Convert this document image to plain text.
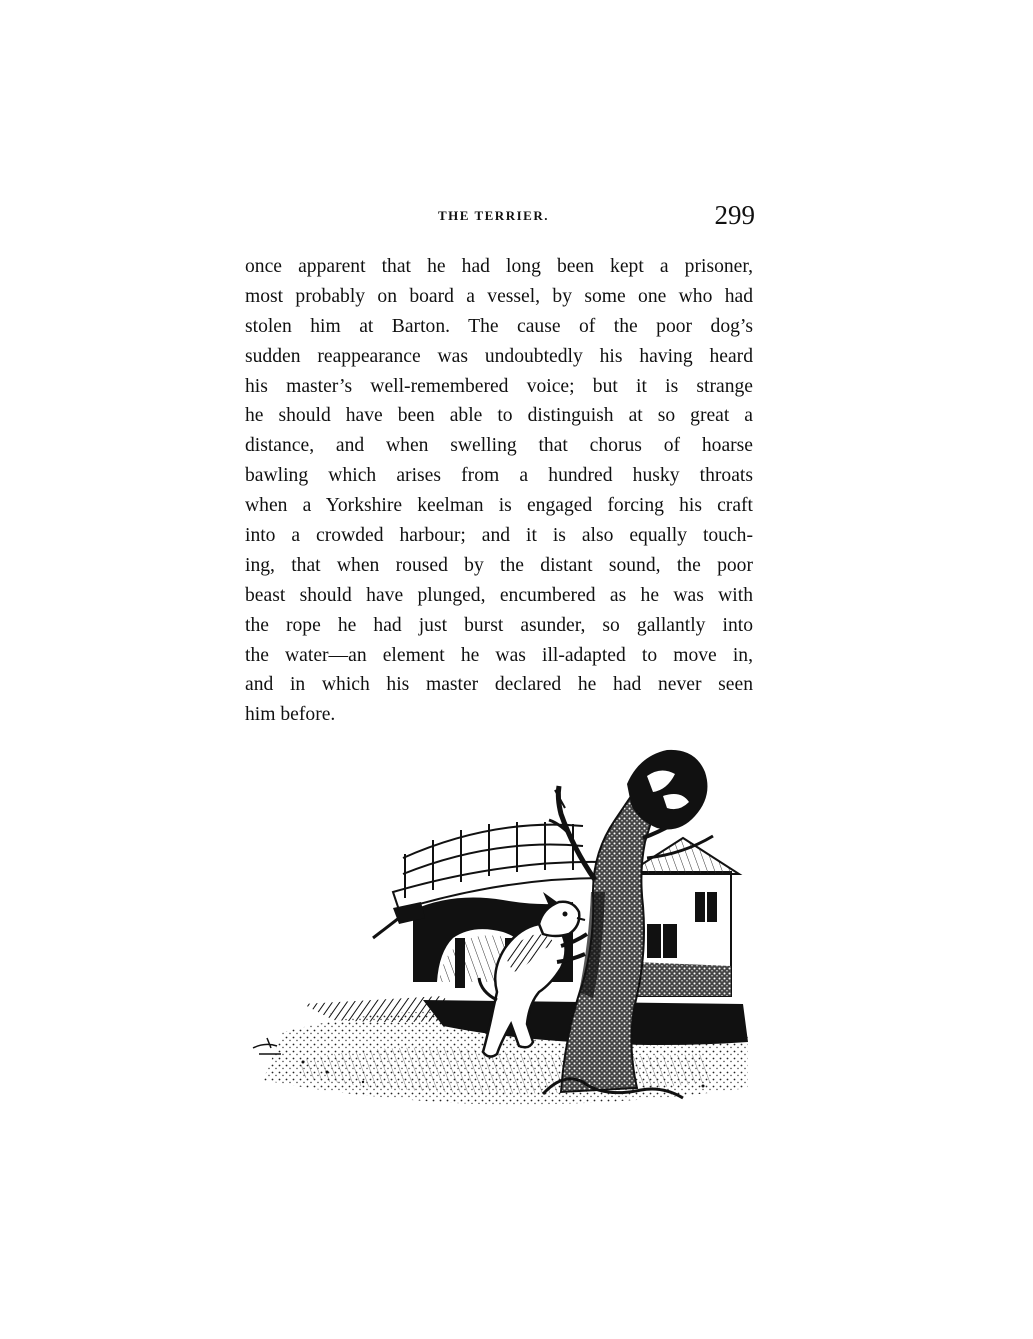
THE TERRIER.	299
once apparent that he had long been kept a prisoner,
most probably on board a vessel, by some one who had
stolen him at Barton. The cause of the poor dog’s
sudden reappearance was undoubtedly his having heard
his master’s well-remembered voice; but it is strange
he should have been able to distinguish at so great a
distance, and when swelling that chorus of hoarse
bawling which arises from a hundred husky throats
when a Yorkshire keelman is engaged forcing his craft
into a crowded harbour; and it is also equally touch-
ing, that when roused by the distant sound, the poor
beast should have plunged, encumbered as he was with
the rope he had just burst asunder, so gallantly into
the water—an element he was ill-adapted to move in,
and in which his master declared he had never seen
him before.
